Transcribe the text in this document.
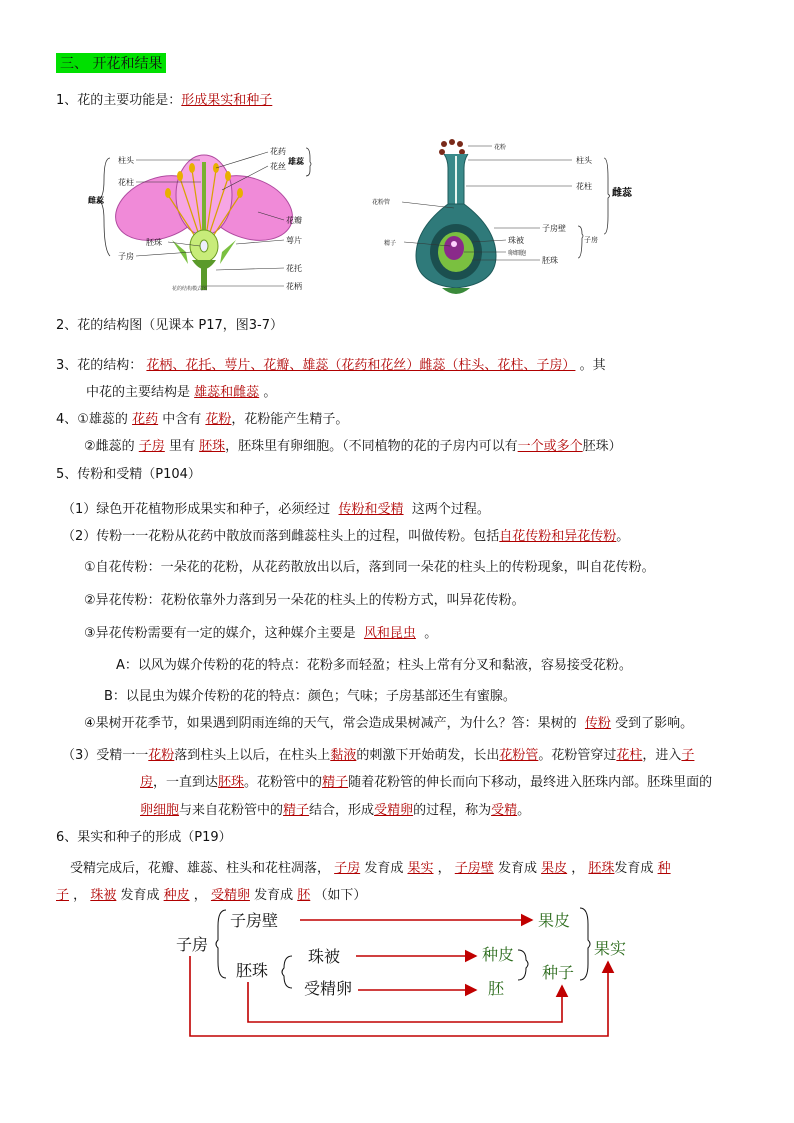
三、 开花和结果
1、花的主要功能是：形成果实和种子
柱头
花柱
雌蕊
花药
花丝
雄蕊
花瓣
萼片
胚珠
子房
花托
花柄
花的结构模式图
花粉
柱头
花柱
雌蕊
花粉管
子房壁
子房
珠被
精子
卵细胞
胚珠
2、花的结构图（见课本 P17，图3-7）
3、花的结构： 花柄、花托、萼片、花瓣、雄蕊（花药和花丝）雌蕊（柱头、花柱、子房） 。其
中花的主要结构是 雄蕊和雌蕊 。
4、①雄蕊的 花药 中含有 花粉，花粉能产生精子。
②雌蕊的 子房 里有 胚珠，胚珠里有卵细胞。（不同植物的花的子房内可以有一个或多个胚珠）
5、传粉和受精（P104）
（1）绿色开花植物形成果实和种子，必须经过 传粉和受精 这两个过程。
（2）传粉一一花粉从花药中散放而落到雌蕊柱头上的过程，叫做传粉。包括自花传粉和异花传粉。
①自花传粉：一朵花的花粉，从花药散放出以后，落到同一朵花的柱头上的传粉现象，叫自花传粉。
②异花传粉：花粉依靠外力落到另一朵花的柱头上的传粉方式，叫异花传粉。
③异花传粉需要有一定的媒介，这种媒介主要是 风和昆虫 。
A：以风为媒介传粉的花的特点：花粉多而轻盈；柱头上常有分叉和黏液，容易接受花粉。
B：以昆虫为媒介传粉的花的特点：颜色；气味；子房基部还生有蜜腺。
④果树开花季节，如果遇到阴雨连绵的天气，常会造成果树减产，为什么？答：果树的 传粉 受到了影响。
（3）受精一一花粉落到柱头上以后，在柱头上黏液的刺激下开始萌发，长出花粉管。花粉管穿过花柱，进入子
房，一直到达胚珠。花粉管中的精子随着花粉管的伸长而向下移动，最终进入胚珠内部。胚珠里面的
卵细胞与来自花粉管中的精子结合，形成受精卵的过程，称为受精。
6、果实和种子的形成（P19）
受精完成后，花瓣、雄蕊、柱头和花柱凋落， 子房 发育成 果实 ， 子房壁 发育成 果皮 ， 胚珠发育成 种
子 ， 珠被 发育成 种皮 ， 受精卵 发育成 胚 （如下）
子房
子房壁
胚珠
珠被
受精卵
果皮
种皮
胚
种子
果实
